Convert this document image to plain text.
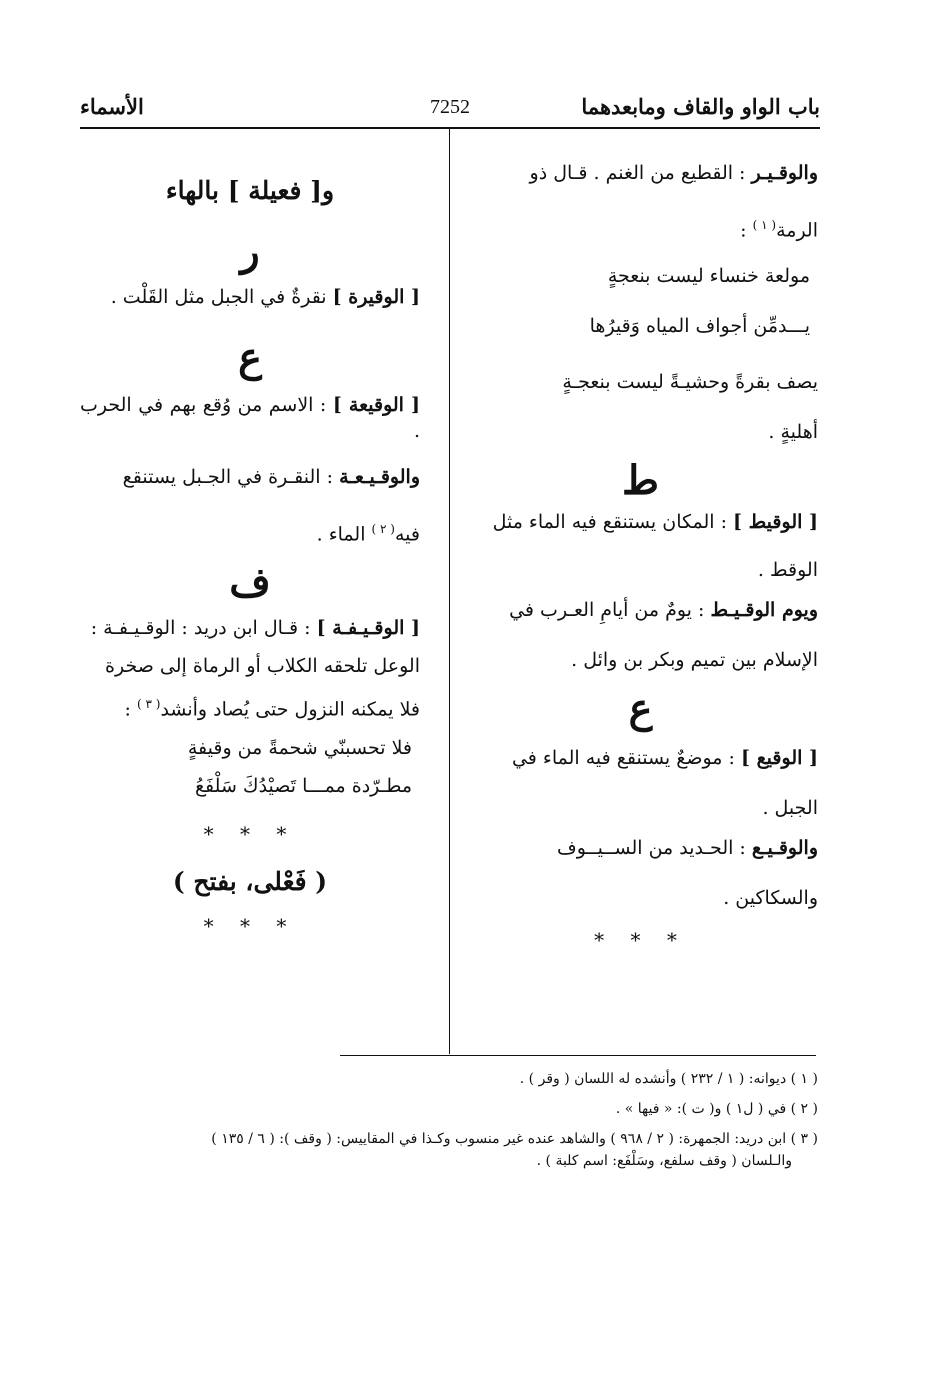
باب الواو والقاف ومابعدهما
7252
الأسماء

والوقـيـر : القطيع من الغنم . قـال ذو

الرمة$^{( ١ )}$ :

مولعة خنساء ليست بنعجةٍ

يـــدمِّن أجواف المياه وَقيرُها

يصف بقرةً وحشيـةً ليست بنعجـةٍ

أهليةٍ .

ط

[ الوقيط ] : المكان يستنقع فيه الماء مثل

الوقط .

ويوم الوقـيـط : يومٌ من أيامِ العـرب في

الإسلام بين تميم وبكر بن وائل .

ع

[ الوقيع ] : موضعٌ يستنقع فيه الماء في

الجبل .

والوقـيـع : الحـديد من الســيــوف

والسكاكين .

* * *
و[ فعيلة ] بالهاء
ر

[ الوقيرة ] نقرةٌ في الجبل مثل القَلْت .

ع

[ الوقيعة ] : الاسم من وُقع بهم في الحرب .

والوقـيـعـة : النقـرة في الجـبل يستنقع

فيه$^{( ٢ )}$ الماء .

ف

[ الوقـيـفـة ] : قـال ابن دريد : الوقـيـفـة :

الوعل تلحقه الكلاب أو الرماة إلى صخرة

فلا يمكنه النزول حتى يُصاد وأنشد$^{( ٣ )}$ :

فلا تحسبنّي شحمةً من وقيفةٍ

مطـرّدة ممـــا تَصيْدُكَ سَلْفَعُ

* * *
( فَعْلى، بفتح )
* * *

( ١ ) ديوانه: ( ١ / ٢٣٢ ) وأنشده له اللسان ( وقر ) .

( ٢ ) في ( ل١ ) و( ت ): « فيها » .

( ٣ ) ابن دريد: الجمهرة: ( ٢ / ٩٦٨ ) والشاهد عنده غير منسوب وكـذا في المقاييس: ( وقف ): ( ٦ / ١٣٥ )

والـلسان ( وقف سلفع، وسَلْفَع: اسم كلبة ) .
